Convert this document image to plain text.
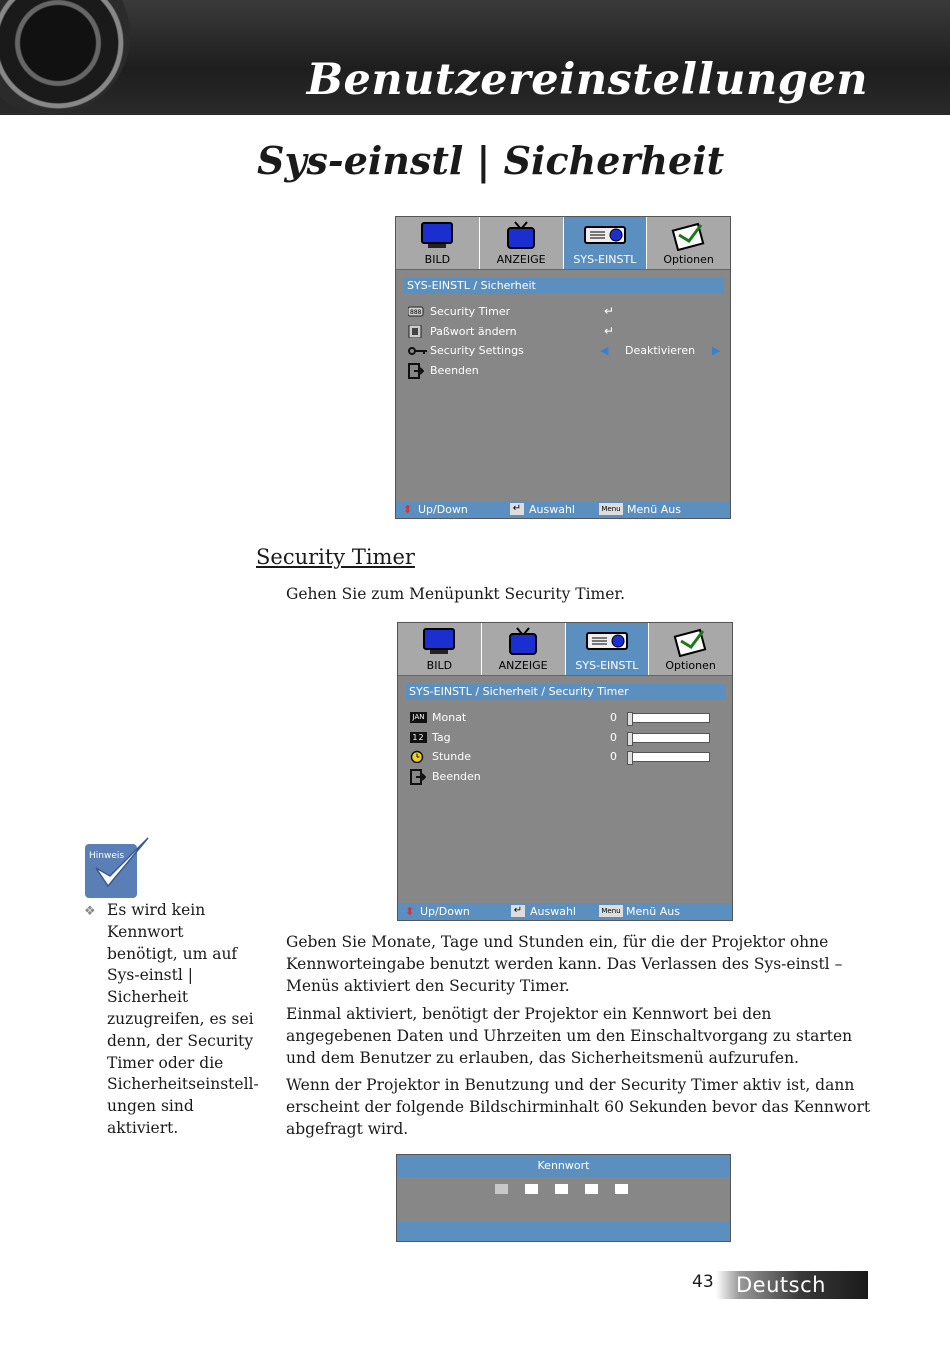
Benutzereinstellungen
Sys-einstl | Sicherheit
BILD	ANZEIGE	SYS-EINSTL	Optionen
SYS-EINSTL / Sicherheit
888 Security Timer	↵
Paßwort ändern	↵
Security Settings	◀ Deaktivieren ▶
Beenden
⬍ Up/Down	↵ Auswahl	Menu Menü Aus
Security Timer
Gehen Sie zum Menüpunkt Security Timer.
BILD	ANZEIGE	SYS-EINSTL	Optionen
SYS-EINSTL / Sicherheit / Security Timer
JAN Monat	0
12 Tag	0
Stunde	0
Beenden
⬍ Up/Down	↵ Auswahl	Menu Menü Aus
Hinweis
❖ Es wird kein Kennwort benötigt, um auf Sys-einstl | Sicherheit zuzugreifen, es sei denn, der Security Timer oder die Sicherheitseinstell-ungen sind aktiviert.
Geben Sie Monate, Tage und Stunden ein, für die der Projektor ohne Kennworteingabe benutzt werden kann. Das Verlassen des Sys-einstl – Menüs aktiviert den Security Timer.
Einmal aktiviert, benötigt der Projektor ein Kennwort bei den angegebenen Daten und Uhrzeiten um den Einschaltvorgang zu starten und dem Benutzer zu erlauben, das Sicherheitsmenü aufzurufen.
Wenn der Projektor in Benutzung und der Security Timer aktiv ist, dann erscheint der folgende Bildschirminhalt 60 Sekunden bevor das Kennwort abgefragt wird.
Kennwort
43 Deutsch
